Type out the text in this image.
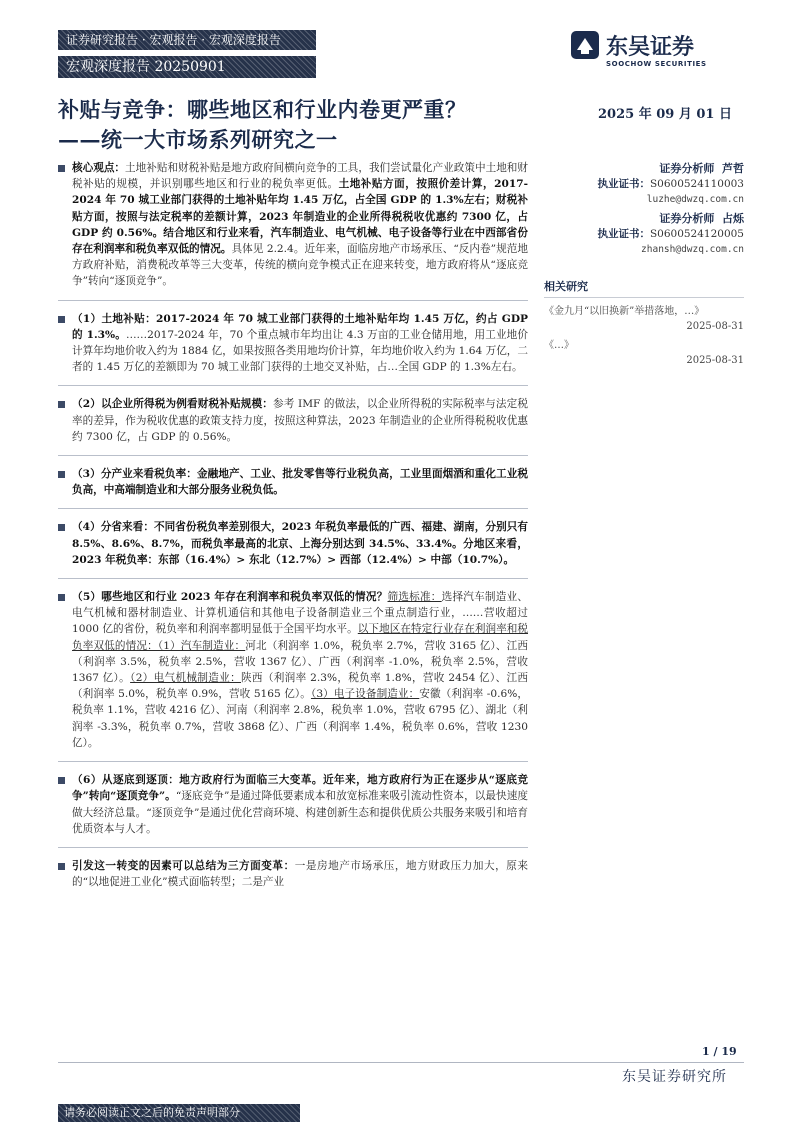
证券研究报告 · 宏观报告 · 宏观深度报告
宏观深度报告 20250901
东吴证券
SOOCHOW SECURITIES
补贴与竞争：哪些地区和行业内卷更严重？
——统一大市场系列研究之一
2025 年 09 月 01 日
核心观点：土地补贴和财税补贴是地方政府间横向竞争的工具，我们尝试量化产业政策中土地和财税补贴的规模，并识别哪些地区和行业的税负率更低。土地补贴方面，按照价差计算，2017-2024 年 70 城工业部门获得的土地补贴年均 1.45 万亿，占全国 GDP 的 1.3%左右；财税补贴方面，按照与法定税率的差额计算，2023 年制造业的企业所得税税收优惠约 7300 亿，占 GDP 约 0.56%。结合地区和行业来看，汽车制造业、电气机械、电子设备等行业在中西部省份存在利润率和税负率双低的情况。具体见 2.2.4。近年来，面临房地产市场承压、“反内卷”规范地方政府补贴，消费税改革等三大变革，传统的横向竞争模式正在迎来转变，地方政府将从“逐底竞争”转向“逐顶竞争”。
（1）土地补贴：2017-2024 年 70 城工业部门获得的土地补贴年均 1.45 万亿，约占 GDP 的 1.3%。……2017-2024 年，70 个重点城市年均出让 4.3 万亩的工业仓储用地，用工业地价计算年均地价收入约为 1884 亿，如果按照各类用地均价计算，年均地价收入约为 1.64 万亿，二者的 1.45 万亿的差额即为 70 城工业部门获得的土地交叉补贴，占…全国 GDP 的 1.3%左右。
（2）以企业所得税为例看财税补贴规模：参考 IMF 的做法，以企业所得税的实际税率与法定税率的差异，作为税收优惠的政策支持力度，按照这种算法，2023 年制造业的企业所得税税收优惠约 7300 亿，占 GDP 的 0.56%。
（3）分产业来看税负率：金融地产、工业、批发零售等行业税负高，工业里面烟酒和重化工业税负高，中高端制造业和大部分服务业税负低。
（4）分省来看：不同省份税负率差别很大，2023 年税负率最低的广西、福建、湖南，分别只有 8.5%、8.6%、8.7%，而税负率最高的北京、上海分别达到 34.5%、33.4%。分地区来看，2023 年税负率：东部（16.4%）> 东北（12.7%）> 西部（12.4%）> 中部（10.7%）。
（5）哪些地区和行业 2023 年存在利润率和税负率双低的情况？筛选标准：选择汽车制造业、电气机械和器材制造业、计算机通信和其他电子设备制造业三个重点制造行业，……营收超过 1000 亿的省份，税负率和利润率都明显低于全国平均水平。以下地区在特定行业存在利润率和税负率双低的情况：（1）汽车制造业：河北（利润率 1.0%，税负率 2.7%，营收 3165 亿）、江西（利润率 3.5%，税负率 2.5%，营收 1367 亿）、广西（利润率 -1.0%，税负率 2.5%，营收 1367 亿）。（2）电气机械制造业：陕西（利润率 2.3%，税负率 1.8%，营收 2454 亿）、江西（利润率 5.0%，税负率 0.9%，营收 5165 亿）。（3）电子设备制造业：安徽（利润率 -0.6%，税负率 1.1%，营收 4216 亿）、河南（利润率 2.8%，税负率 1.0%，营收 6795 亿）、湖北（利润率 -3.3%，税负率 0.7%，营收 3868 亿）、广西（利润率 1.4%，税负率 0.6%，营收 1230 亿）。
（6）从逐底到逐顶：地方政府行为面临三大变革。近年来，地方政府行为正在逐步从“逐底竞争”转向“逐顶竞争”。“逐底竞争”是通过降低要素成本和放宽标准来吸引流动性资本，以最快速度做大经济总量。“逐顶竞争”是通过优化营商环境、构建创新生态和提供优质公共服务来吸引和培育优质资本与人才。
引发这一转变的因素可以总结为三方面变革：一是房地产市场承压，地方财政压力加大，原来的“以地促进工业化”模式面临转型；二是产业
证券分析师 芦哲
执业证书：S0600524110003
luzhe@dwzq.com.cn
证券分析师 占烁
执业证书：S0600524120005
zhansh@dwzq.com.cn
相关研究
《金九月“以旧换新”举措落地，…》
2025-08-31
《…》
2025-08-31
1 / 19
东吴证券研究所
请务必阅读正文之后的免责声明部分
